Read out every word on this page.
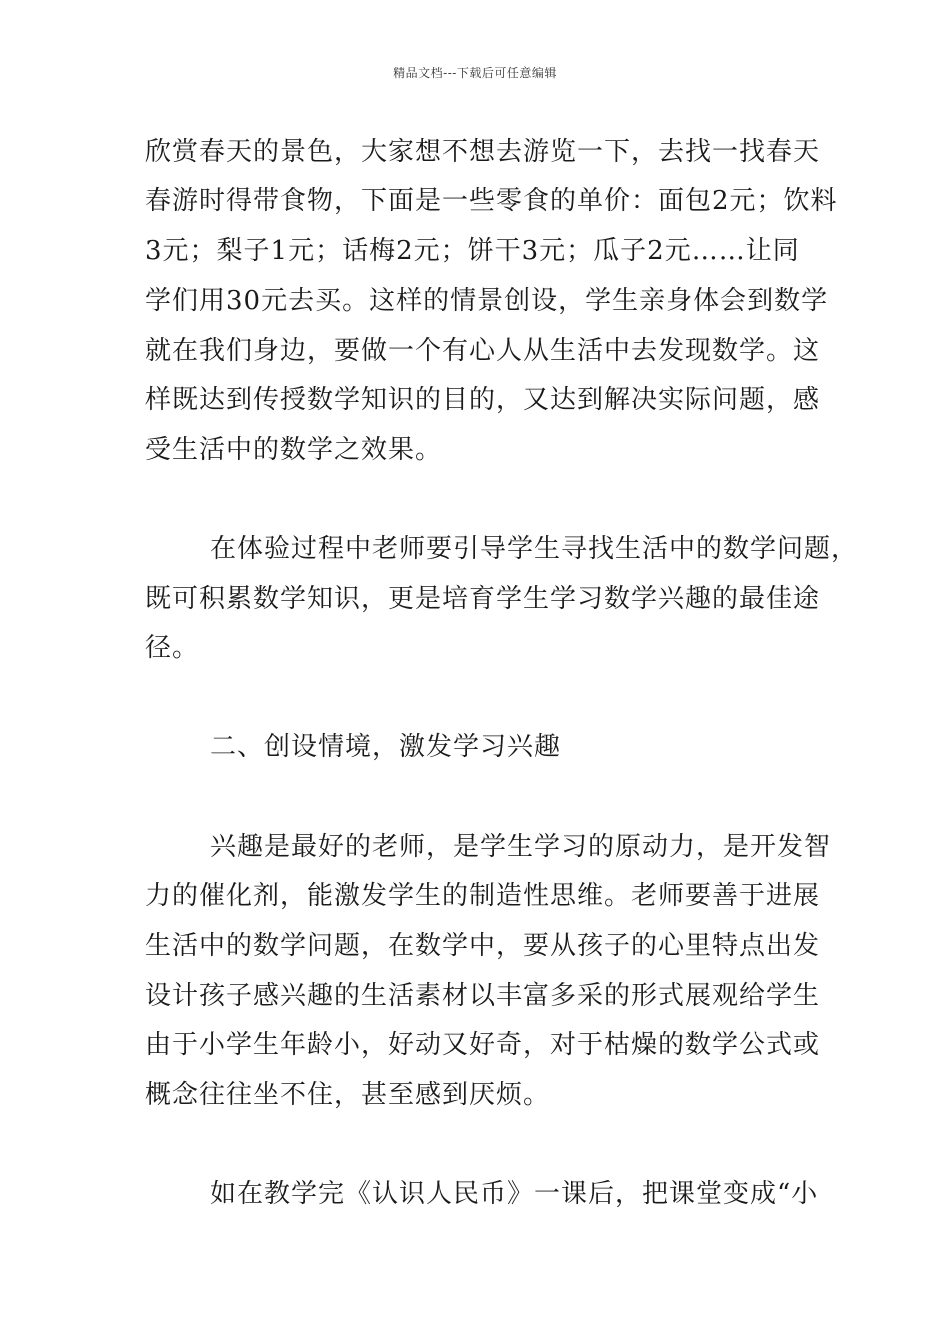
精品文档---下载后可任意编辑
欣赏春天的景色，大家想不想去游览一下，去找一找春天
春游时得带食物，下面是一些零食的单价：面包2元；饮料
3元；梨子1元；话梅2元；饼干3元；瓜子2元……让同
学们用30元去买。这样的情景创设，学生亲身体会到数学
就在我们身边，要做一个有心人从生活中去发现数学。这
样既达到传授数学知识的目的，又达到解决实际问题，感
受生活中的数学之效果。
在体验过程中老师要引导学生寻找生活中的数学问题，
既可积累数学知识，更是培育学生学习数学兴趣的最佳途
径。
二、创设情境，激发学习兴趣
兴趣是最好的老师，是学生学习的原动力，是开发智
力的催化剂，能激发学生的制造性思维。老师要善于进展
生活中的数学问题，在数学中，要从孩子的心里特点出发
设计孩子感兴趣的生活素材以丰富多采的形式展观给学生
由于小学生年龄小，好动又好奇，对于枯燥的数学公式或
概念往往坐不住，甚至感到厌烦。
如在教学完《认识人民币》一课后，把课堂变成“小
